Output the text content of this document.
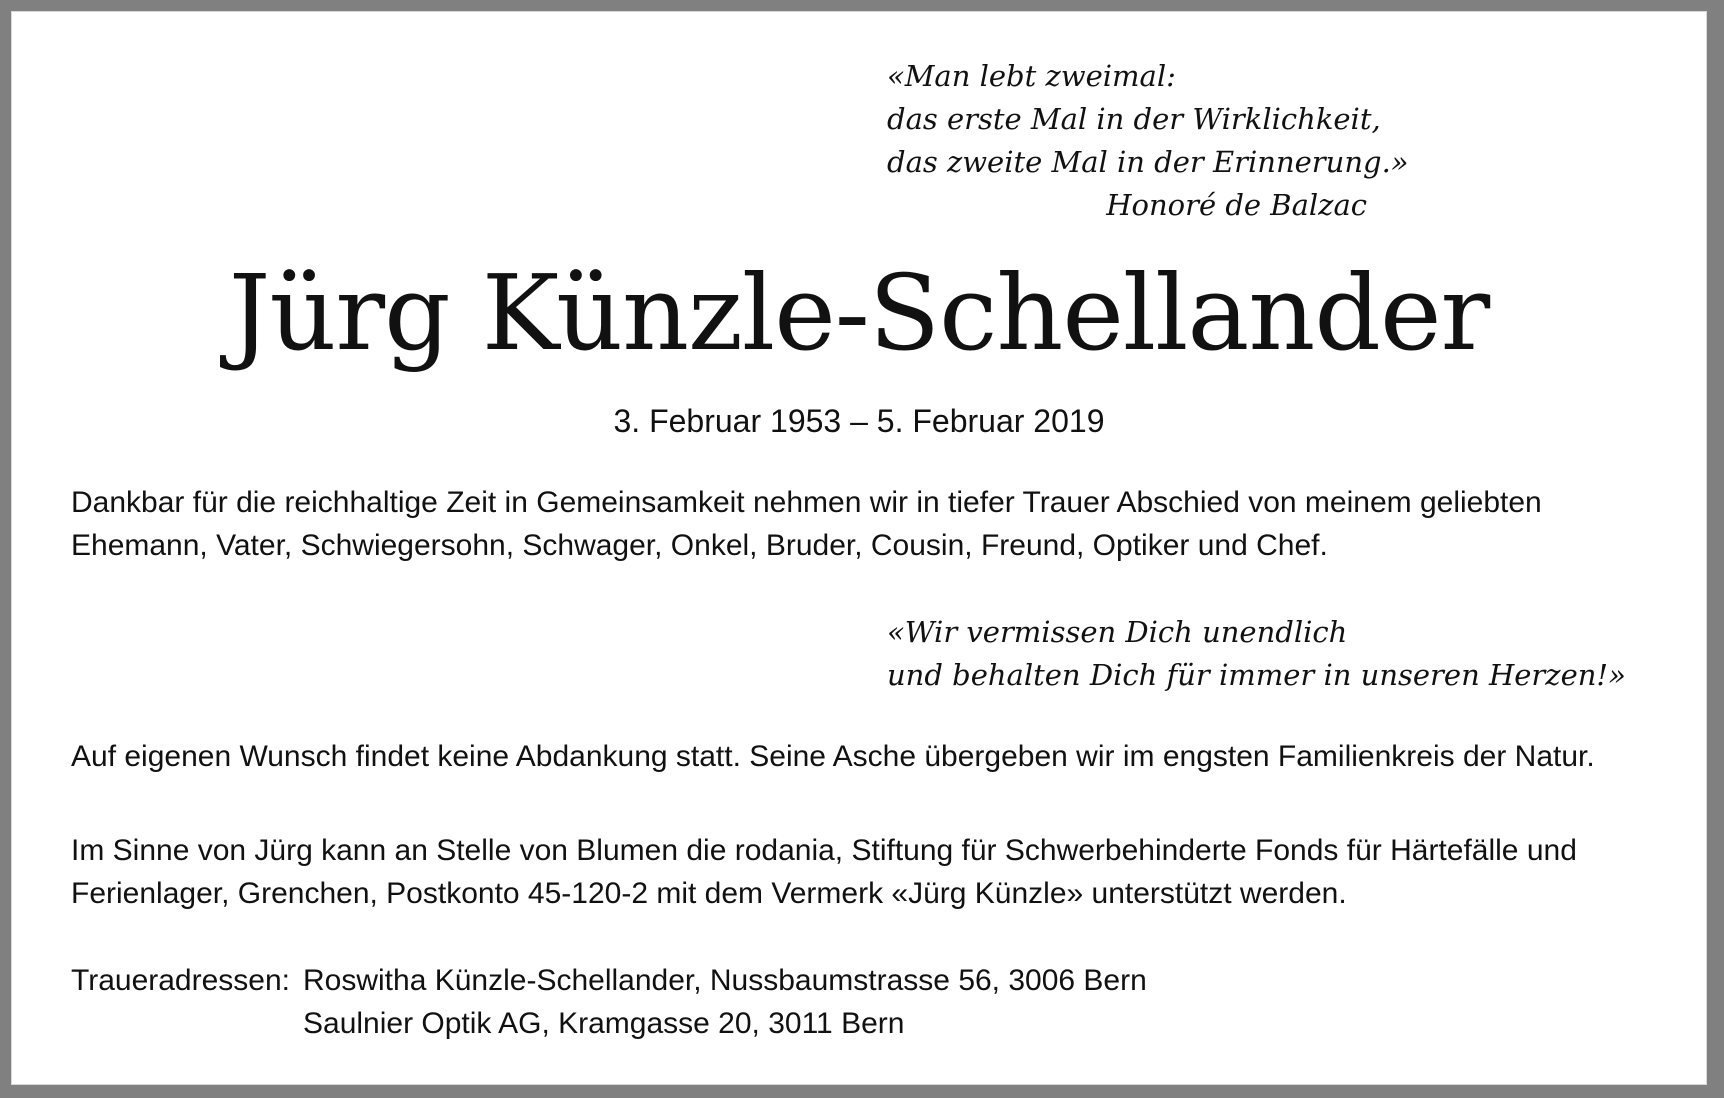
«Man lebt zweimal:
das erste Mal in der Wirklichkeit,
das zweite Mal in der Erinnerung.»
Honoré de Balzac
Jürg Künzle-Schellander
3. Februar 1953 – 5. Februar 2019
Dankbar für die reichhaltige Zeit in Gemeinsamkeit nehmen wir in tiefer Trauer Abschied von meinem geliebten Ehemann, Vater, Schwiegersohn, Schwager, Onkel, Bruder, Cousin, Freund, Optiker und Chef.
«Wir vermissen Dich unendlich
und behalten Dich für immer in unseren Herzen!»
Auf eigenen Wunsch findet keine Abdankung statt. Seine Asche übergeben wir im engsten Familienkreis der Natur.
Im Sinne von Jürg kann an Stelle von Blumen die rodania, Stiftung für Schwerbehinderte Fonds für Härtefälle und Ferienlager, Grenchen, Postkonto 45-120-2 mit dem Vermerk «Jürg Künzle» unterstützt werden.
Traueradressen: Roswitha Künzle-Schellander, Nussbaumstrasse 56, 3006 Bern
Saulnier Optik AG, Kramgasse 20, 3011 Bern
